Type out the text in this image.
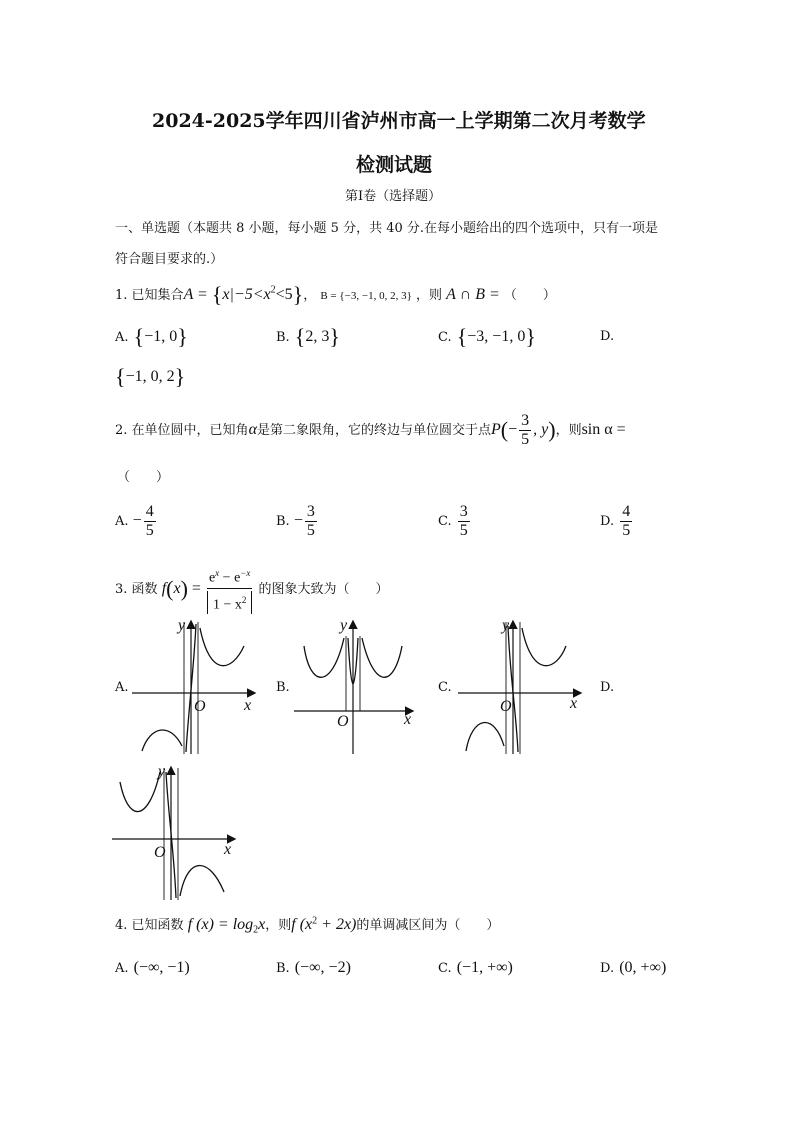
2024-2025学年四川省泸州市高一上学期第二次月考数学
检测试题
第Ⅰ卷（选择题）
一、单选题（本题共 8 小题，每小题 5 分，共 40 分.在每小题给出的四个选项中，只有一项是
符合题目要求的.）
1. 已知集合$A = \{x|-5<x^2<5\}$， B = {−3, −1, 0, 2, 3} ，则 A ∩ B = （　　）
A. {−1, 0}	B. {2, 3}	C. {−3, −1, 0}	D.
{−1, 0, 2}
2. 在单位圆中，已知角α是第二象限角，它的终边与单位圆交于点$P(- \frac{3}{5}$ , y)，则sin α =
（　　）
A. − $\frac{4}{5}$	B. − $\frac{3}{5}$	C. $\frac{3}{5}$	D. $\frac{4}{5}$
3. 函数 $f(x) = \frac{e^x - e^{-x}}{1 - x^2}$ 的图象大致为（　　）
A.	B.	C.	D.
y
x
O
y
x
O
y
x
O
y
x
O
4. 已知函数 f $(x) = \log_2x$，则f $(x^2 + 2x)$的单调减区间为（　　）
A. (−∞, −1)	B. (−∞, −2)	C. (−1, +∞)	D. (0, +∞)
